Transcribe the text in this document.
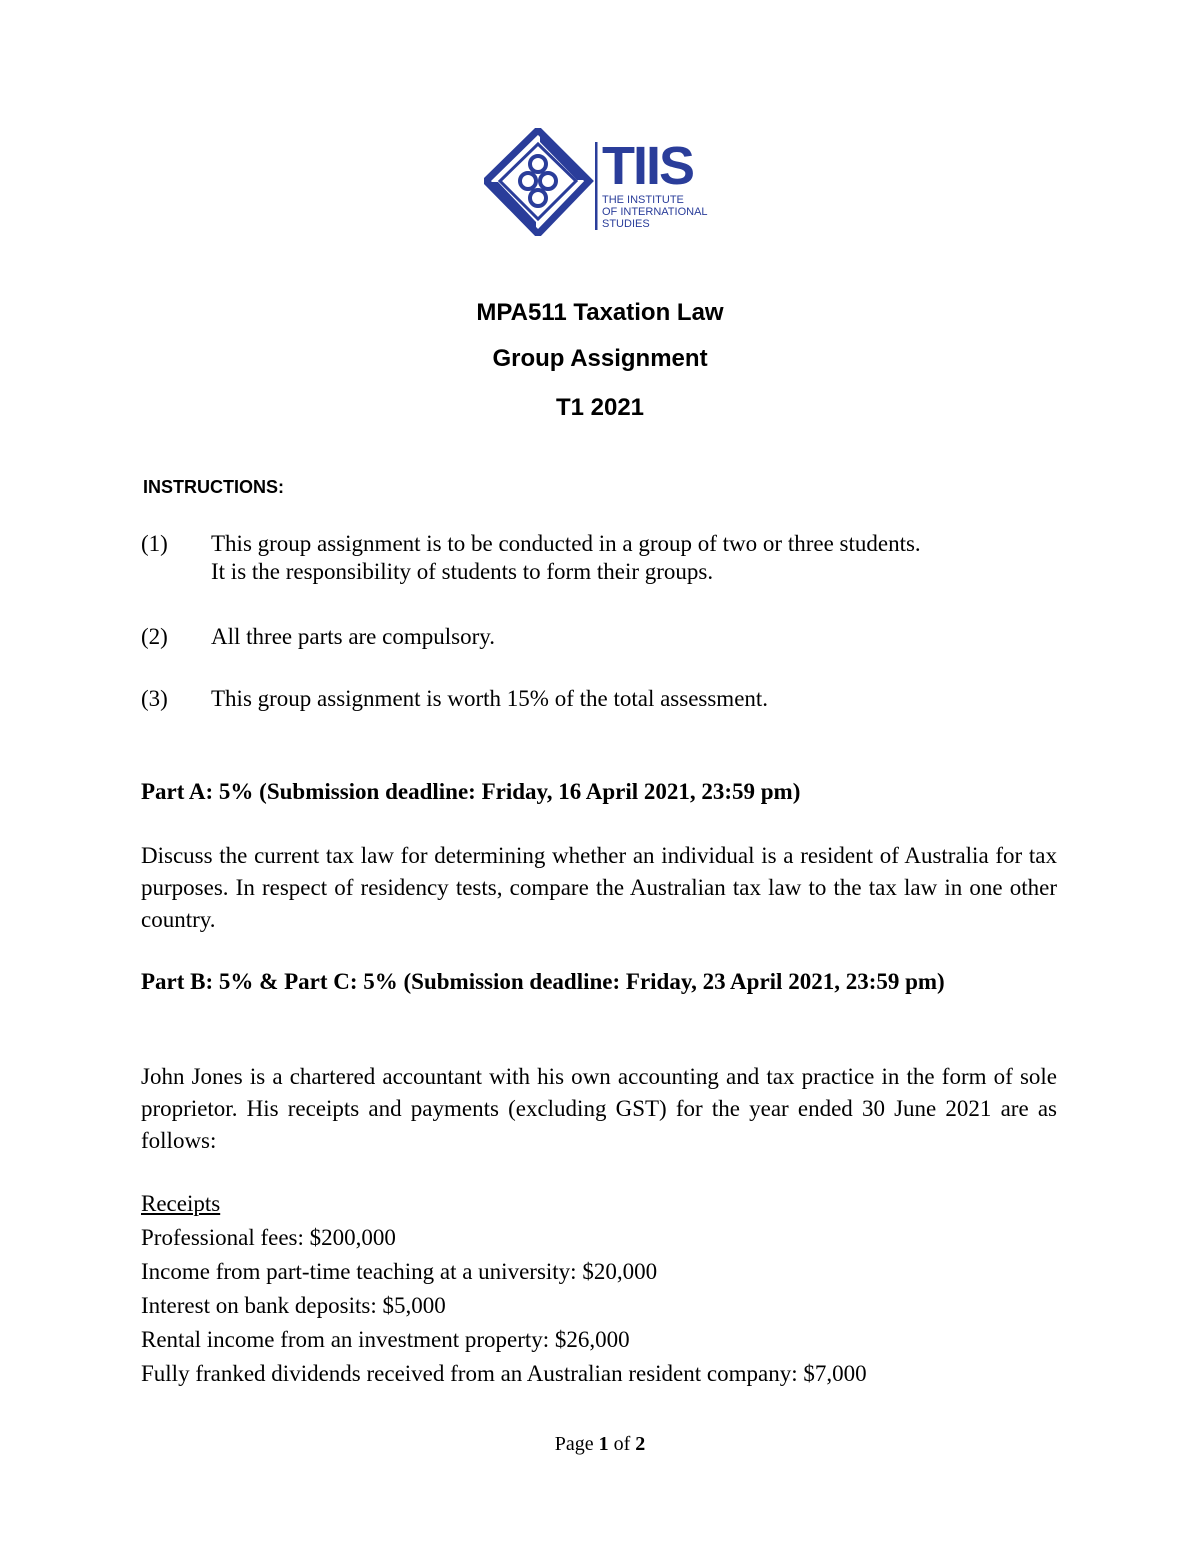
TIIS
THE INSTITUTE
OF INTERNATIONAL
STUDIES
MPA511 Taxation Law
Group Assignment
T1 2021
INSTRUCTIONS:
(1) This group assignment is to be conducted in a group of two or three students.
It is the responsibility of students to form their groups.
(2) All three parts are compulsory.
(3) This group assignment is worth 15% of the total assessment.
Part A: 5% (Submission deadline: Friday, 16 April 2021, 23:59 pm)
Discuss the current tax law for determining whether an individual is a resident of Australia for tax purposes. In respect of residency tests, compare the Australian tax law to the tax law in one other country.
Part B: 5% & Part C: 5% (Submission deadline: Friday, 23 April 2021, 23:59 pm)
John Jones is a chartered accountant with his own accounting and tax practice in the form of sole proprietor. His receipts and payments (excluding GST) for the year ended 30 June 2021 are as follows:
Receipts
Professional fees: $200,000
Income from part-time teaching at a university: $20,000
Interest on bank deposits: $5,000
Rental income from an investment property: $26,000
Fully franked dividends received from an Australian resident company: $7,000
Page 1 of 2
